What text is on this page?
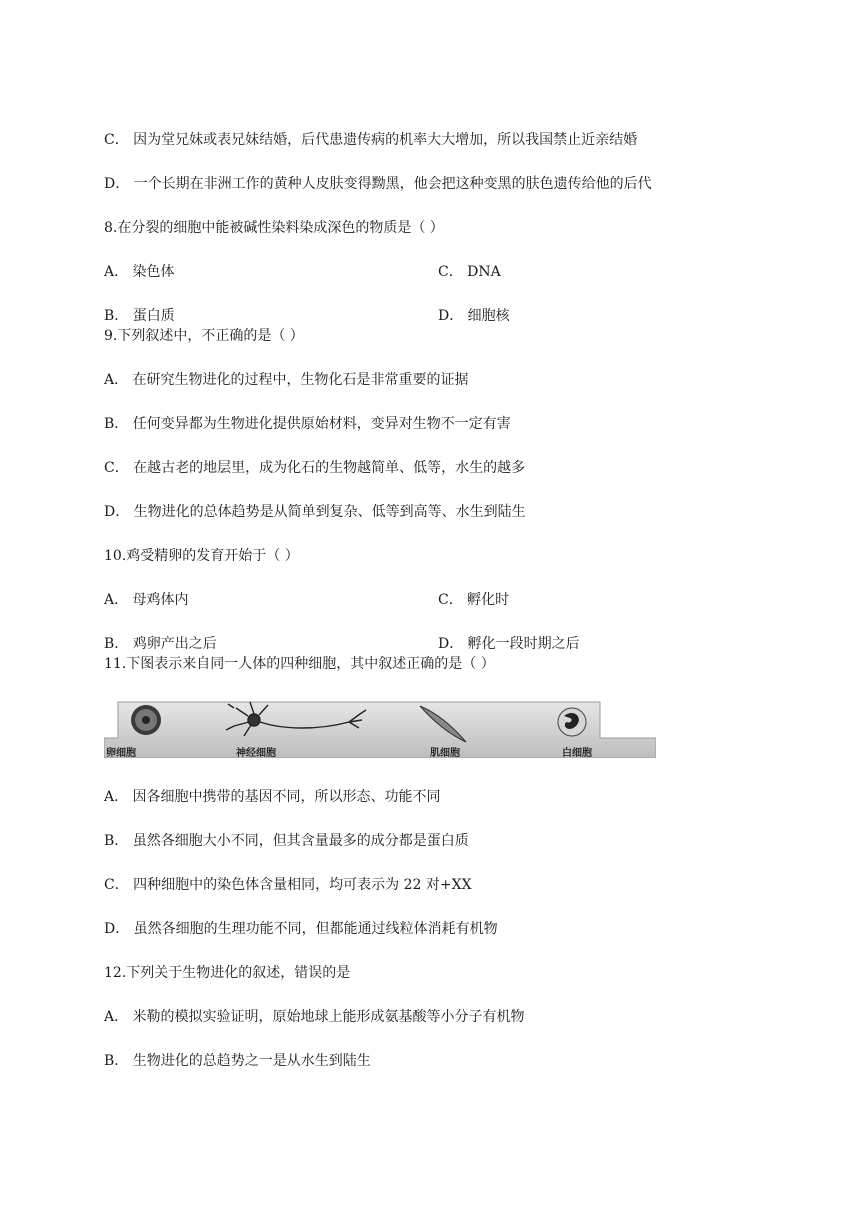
C． 因为堂兄妹或表兄妹结婚，后代患遗传病的机率大大增加，所以我国禁止近亲结婚
D． 一个长期在非洲工作的黄种人皮肤变得黝黑，他会把这种变黑的肤色遗传给他的后代
8.在分裂的细胞中能被碱性染料染成深色的物质是（ ）
A． 染色体	C． DNA
B． 蛋白质	D． 细胞核
9.下列叙述中，不正确的是（ ）
A． 在研究生物进化的过程中，生物化石是非常重要的证据
B． 任何变异都为生物进化提供原始材料，变异对生物不一定有害
C． 在越古老的地层里，成为化石的生物越简单、低等，水生的越多
D． 生物进化的总体趋势是从简单到复杂、低等到高等、水生到陆生
10.鸡受精卵的发育开始于（ ）
A． 母鸡体内	C． 孵化时
B． 鸡卵产出之后	D． 孵化一段时期之后
11.下图表示来自同一人体的四种细胞，其中叙述正确的是（ ）
卵细胞	神经细胞	肌细胞	白细胞
A． 因各细胞中携带的基因不同，所以形态、功能不同
B． 虽然各细胞大小不同，但其含量最多的成分都是蛋白质
C． 四种细胞中的染色体含量相同，均可表示为 22 对+XX
D． 虽然各细胞的生理功能不同，但都能通过线粒体消耗有机物
12.下列关于生物进化的叙述，错误的是
A． 米勒的模拟实验证明，原始地球上能形成氨基酸等小分子有机物
B． 生物进化的总趋势之一是从水生到陆生
